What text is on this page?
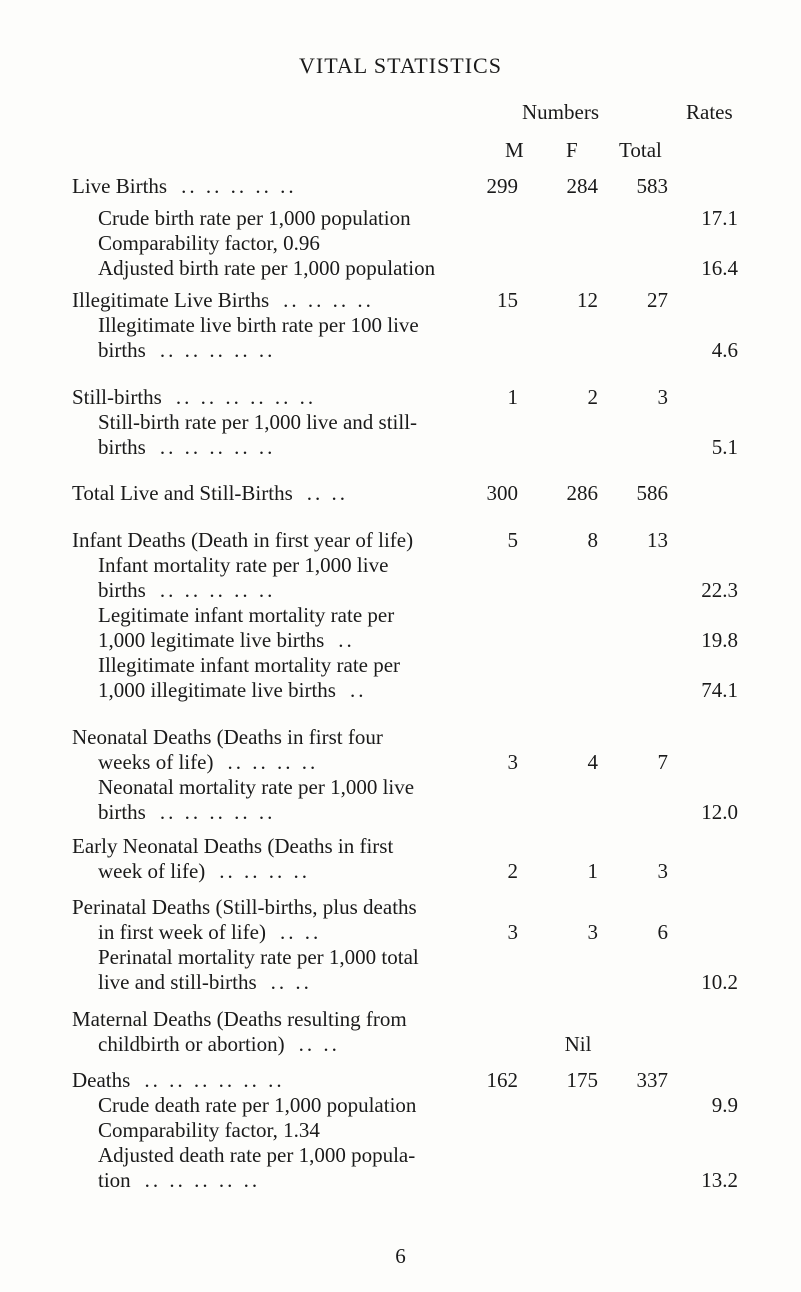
VITAL STATISTICS
Numbers	Rates
M F Total
Live Births .. .. .. .. ..	299	284	583
Crude birth rate per 1,000 population	17.1
Comparability factor, 0.96
Adjusted birth rate per 1,000 population	16.4
Illegitimate Live Births .. .. .. ..	15	12	27
Illegitimate live birth rate per 100 live
births .. .. .. .. ..	4.6
Still-births .. .. .. .. .. ..	1	2	3
Still-birth rate per 1,000 live and still-
births .. .. .. .. ..	5.1
Total Live and Still-Births .. ..	300	286	586
Infant Deaths (Death in first year of life)	5	8	13
Infant mortality rate per 1,000 live
births .. .. .. .. ..	22.3
Legitimate infant mortality rate per
1,000 legitimate live births ..	19.8
Illegitimate infant mortality rate per
1,000 illegitimate live births ..	74.1
Neonatal Deaths (Deaths in first four
weeks of life) .. .. .. ..	3	4	7
Neonatal mortality rate per 1,000 live
births .. .. .. .. ..	12.0
Early Neonatal Deaths (Deaths in first
week of life) .. .. .. ..	2	1	3
Perinatal Deaths (Still-births, plus deaths
in first week of life) .. ..	3	3	6
Perinatal mortality rate per 1,000 total
live and still-births .. ..	10.2
Maternal Deaths (Deaths resulting from
childbirth or abortion) .. ..	Nil
Deaths .. .. .. .. .. ..	162	175	337
Crude death rate per 1,000 population	9.9
Comparability factor, 1.34
Adjusted death rate per 1,000 popula-
tion .. .. .. .. ..	13.2
6
